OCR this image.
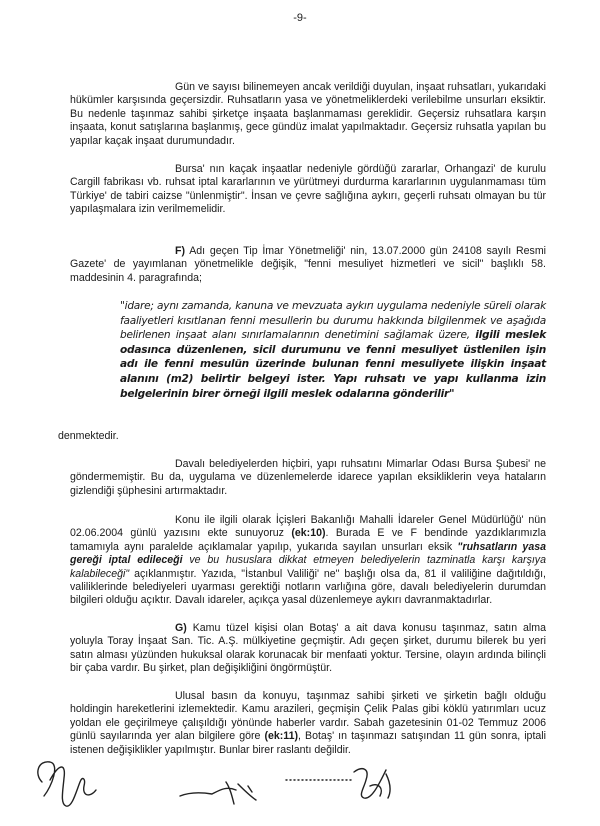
-9-

Gün ve sayısı bilinemeyen ancak verildiği duyulan, inşaat ruhsatları, yukarıdaki hükümler karşısında geçersizdir. Ruhsatların yasa ve yönetmeliklerdeki verilebilme unsurları eksiktir. Bu nedenle taşınmaz sahibi şirketçe inşaata başlanmaması gereklidir. Geçersiz ruhsatlara karşın inşaata, konut satışlarına başlanmış, gece gündüz imalat yapılmaktadır. Geçersiz ruhsatla yapılan bu yapılar kaçak inşaat durumundadır.

Bursa' nın kaçak inşaatlar nedeniyle gördüğü zararlar, Orhangazi' de kurulu Cargill fabrikası vb. ruhsat iptal kararlarının ve yürütmeyi durdurma kararlarının uygulanmaması tüm Türkiye' de tabiri caizse "ünlenmiştir". İnsan ve çevre sağlığına aykırı, geçerli ruhsatı olmayan bu tür yapılaşmalara izin verilmemelidir.

F) Adı geçen Tip İmar Yönetmeliği' nin, 13.07.2000 gün 24108 sayılı Resmi Gazete' de yayımlanan yönetmelikle değişik, "fenni mesuliyet hizmetleri ve sicil" başlıklı 58. maddesinin 4. paragrafında;

"idare; aynı zamanda, kanuna ve mevzuata aykırı uygulama nedeniyle süreli olarak faaliyetleri kısıtlanan fenni mesullerin bu durumu hakkında bilgilenmek ve aşağıda belirlenen inşaat alanı sınırlamalarının denetimini sağlamak üzere, ilgili meslek odasınca düzenlenen, sicil durumunu ve fenni mesuliyet üstlenilen işin adı ile fenni mesulün üzerinde bulunan fenni mesuliyete ilişkin inşaat alanını (m2) belirtir belgeyi ister. Yapı ruhsatı ve yapı kullanma izin belgelerinin birer örneği ilgili meslek odalarına gönderilir"

denmektedir.

Davalı belediyelerden hiçbiri, yapı ruhsatını Mimarlar Odası Bursa Şubesi' ne göndermemiştir. Bu da, uygulama ve düzenlemelerde idarece yapılan eksikliklerin veya hataların gizlendiği şüphesini artırmaktadır.

Konu ile ilgili olarak İçişleri Bakanlığı Mahalli İdareler Genel Müdürlüğü' nün 02.06.2004 günlü yazısını ekte sunuyoruz (ek:10). Burada E ve F bendinde yazdıklarımızla tamamıyla aynı paralelde açıklamalar yapılıp, yukarıda sayılan unsurları eksik "ruhsatların yasa gereği iptal edileceği ve bu hususlara dikkat etmeyen belediyelerin tazminatla karşı karşıya kalabileceği" açıklanmıştır. Yazıda, "İstanbul Valiliği' ne" başlığı olsa da, 81 il valiliğine dağıtıldığı, valiliklerinde belediyeleri uyarması gerektiği notların varlığına göre, davalı belediyelerin durumdan bilgileri olduğu açıktır. Davalı idareler, açıkça yasal düzenlemeye aykırı davranmaktadırlar.

G) Kamu tüzel kişisi olan Botaş' a ait dava konusu taşınmaz, satın alma yoluyla Toray İnşaat San. Tic. A.Ş. mülkiyetine geçmiştir. Adı geçen şirket, durumu bilerek bu yeri satın alması yüzünden hukuksal olarak korunacak bir menfaati yoktur. Tersine, olayın ardında bilinçli bir çaba vardır. Bu şirket, plan değişikliğini öngörmüştür.

Ulusal basın da konuyu, taşınmaz sahibi şirketi ve şirketin bağlı olduğu holdingin hareketlerini izlemektedir. Kamu arazileri, geçmişin Çelik Palas gibi köklü yatırımları ucuz yoldan ele geçirilmeye çalışıldığı yönünde haberler vardır. Sabah gazetesinin 01-02 Temmuz 2006 günlü sayılarında yer alan bilgilere göre (ek:11), Botaş' ın taşınmazı satışından 11 gün sonra, iptali istenen değişiklikler yapılmıştır. Bunlar birer raslantı değildir.
